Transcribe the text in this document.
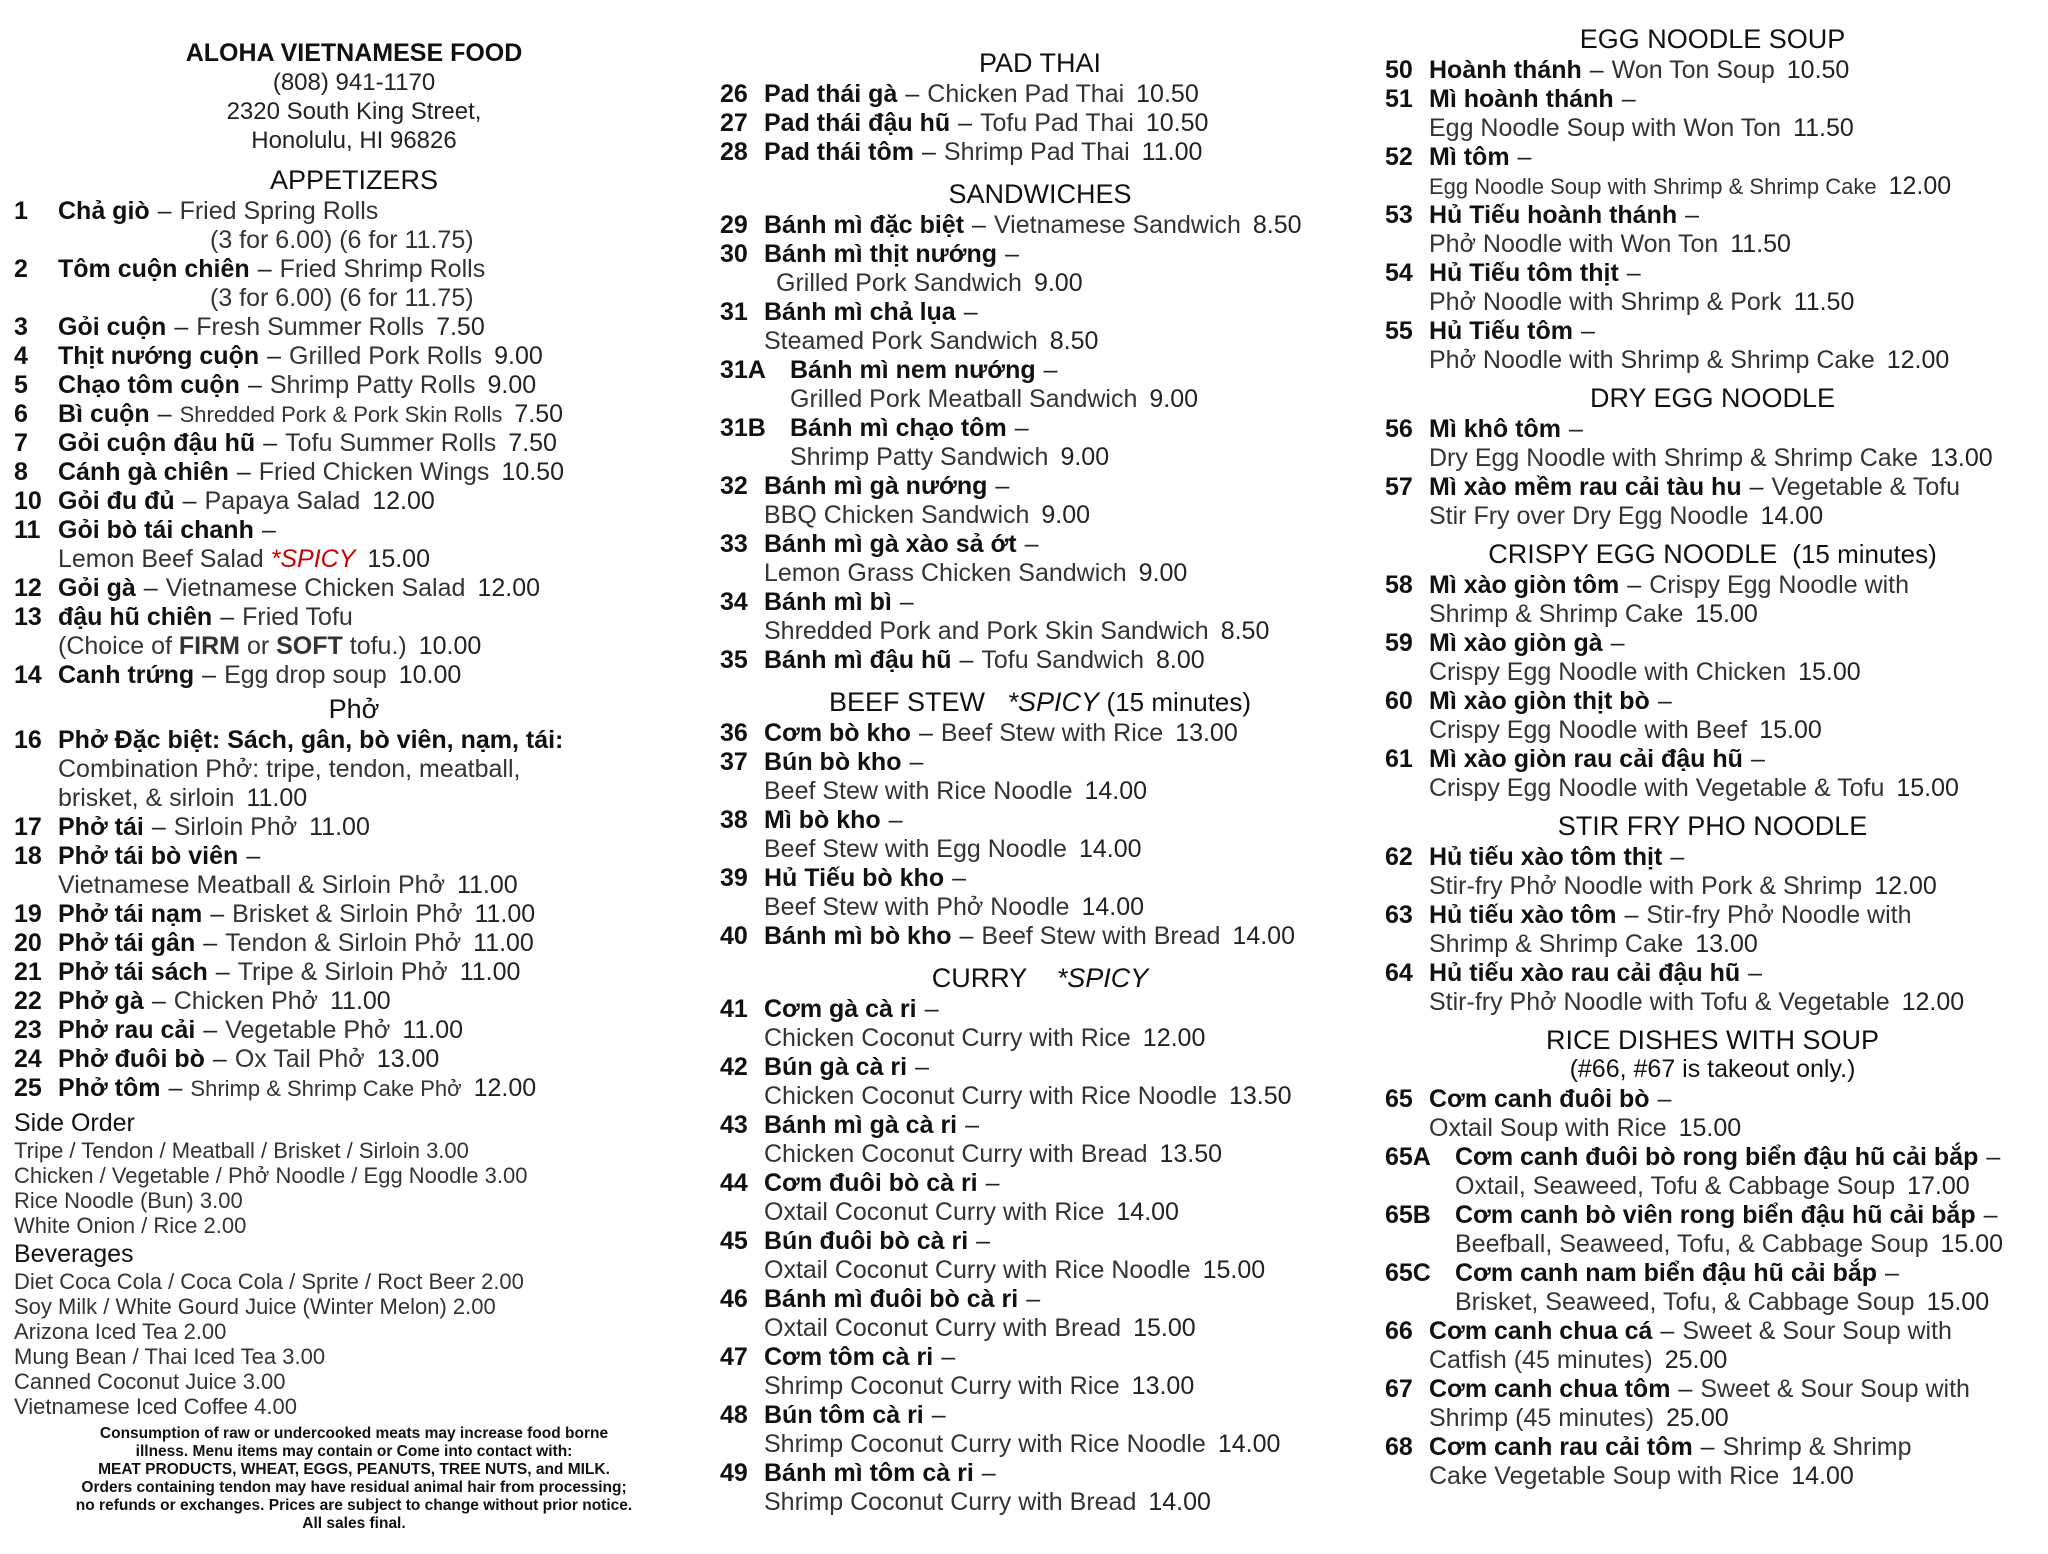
ALOHA VIETNAMESE FOOD
(808) 941-1170
2320 South King Street,
Honolulu, HI 96826
APPETIZERS
1 Chả giò – Fried Spring Rolls
(3 for 6.00) (6 for 11.75)
2 Tôm cuộn chiên – Fried Shrimp Rolls
(3 for 6.00) (6 for 11.75)
3 Gỏi cuộn – Fresh Summer Rolls 7.50
4 Thịt nướng cuộn – Grilled Pork Rolls 9.00
5 Chạo tôm cuộn – Shrimp Patty Rolls 9.00
6 Bì cuộn – Shredded Pork & Pork Skin Rolls 7.50
7 Gỏi cuộn đậu hũ – Tofu Summer Rolls 7.50
8 Cánh gà chiên – Fried Chicken Wings 10.50
10 Gỏi đu đủ – Papaya Salad 12.00
11 Gỏi bò tái chanh –
Lemon Beef Salad *SPICY 15.00
12 Gỏi gà – Vietnamese Chicken Salad 12.00
13 đậu hũ chiên – Fried Tofu
(Choice of FIRM or SOFT tofu.) 10.00
14 Canh trứng – Egg drop soup 10.00
Phở
16 Phở Đặc biệt: Sách, gân, bò viên, nạm, tái:
Combination Phở: tripe, tendon, meatball,
brisket, & sirloin 11.00
17 Phở tái – Sirloin Phở 11.00
18 Phở tái bò viên –
Vietnamese Meatball & Sirloin Phở 11.00
19 Phở tái nạm – Brisket & Sirloin Phở 11.00
20 Phở tái gân – Tendon & Sirloin Phở 11.00
21 Phở tái sách – Tripe & Sirloin Phở 11.00
22 Phở gà – Chicken Phở 11.00
23 Phở rau cải – Vegetable Phở 11.00
24 Phở đuôi bò – Ox Tail Phở 13.00
25 Phở tôm – Shrimp & Shrimp Cake Phở 12.00
Side Order
Tripe / Tendon / Meatball / Brisket / Sirloin 3.00
Chicken / Vegetable / Phở Noodle / Egg Noodle 3.00
Rice Noodle (Bun) 3.00
White Onion / Rice 2.00
Beverages
Diet Coca Cola / Coca Cola / Sprite / Roct Beer 2.00
Soy Milk / White Gourd Juice (Winter Melon) 2.00
Arizona Iced Tea 2.00
Mung Bean / Thai Iced Tea 3.00
Canned Coconut Juice 3.00
Vietnamese Iced Coffee 4.00
Consumption of raw or undercooked meats may increase food borne
illness. Menu items may contain or Come into contact with:
MEAT PRODUCTS, WHEAT, EGGS, PEANUTS, TREE NUTS, and MILK.
Orders containing tendon may have residual animal hair from processing;
no refunds or exchanges. Prices are subject to change without prior notice.
All sales final.
PAD THAI
26 Pad thái gà – Chicken Pad Thai 10.50
27 Pad thái đậu hũ – Tofu Pad Thai 10.50
28 Pad thái tôm – Shrimp Pad Thai 11.00
SANDWICHES
29 Bánh mì đặc biệt – Vietnamese Sandwich 8.50
30 Bánh mì thịt nướng –
Grilled Pork Sandwich 9.00
31 Bánh mì chả lụa –
Steamed Pork Sandwich 8.50
31A Bánh mì nem nướng –
Grilled Pork Meatball Sandwich 9.00
31B Bánh mì chạo tôm –
Shrimp Patty Sandwich 9.00
32 Bánh mì gà nướng –
BBQ Chicken Sandwich 9.00
33 Bánh mì gà xào sả ớt –
Lemon Grass Chicken Sandwich 9.00
34 Bánh mì bì –
Shredded Pork and Pork Skin Sandwich 8.50
35 Bánh mì đậu hũ – Tofu Sandwich 8.00
BEEF STEW *SPICY (15 minutes)
36 Cơm bò kho – Beef Stew with Rice 13.00
37 Bún bò kho –
Beef Stew with Rice Noodle 14.00
38 Mì bò kho –
Beef Stew with Egg Noodle 14.00
39 Hủ Tiếu bò kho –
Beef Stew with Phở Noodle 14.00
40 Bánh mì bò kho – Beef Stew with Bread 14.00
CURRY *SPICY
41 Cơm gà cà ri –
Chicken Coconut Curry with Rice 12.00
42 Bún gà cà ri –
Chicken Coconut Curry with Rice Noodle 13.50
43 Bánh mì gà cà ri –
Chicken Coconut Curry with Bread 13.50
44 Cơm đuôi bò cà ri –
Oxtail Coconut Curry with Rice 14.00
45 Bún đuôi bò cà ri –
Oxtail Coconut Curry with Rice Noodle 15.00
46 Bánh mì đuôi bò cà ri –
Oxtail Coconut Curry with Bread 15.00
47 Cơm tôm cà ri –
Shrimp Coconut Curry with Rice 13.00
48 Bún tôm cà ri –
Shrimp Coconut Curry with Rice Noodle 14.00
49 Bánh mì tôm cà ri –
Shrimp Coconut Curry with Bread 14.00
EGG NOODLE SOUP
50 Hoành thánh – Won Ton Soup 10.50
51 Mì hoành thánh –
Egg Noodle Soup with Won Ton 11.50
52 Mì tôm –
Egg Noodle Soup with Shrimp & Shrimp Cake 12.00
53 Hủ Tiếu hoành thánh –
Phở Noodle with Won Ton 11.50
54 Hủ Tiếu tôm thịt –
Phở Noodle with Shrimp & Pork 11.50
55 Hủ Tiếu tôm –
Phở Noodle with Shrimp & Shrimp Cake 12.00
DRY EGG NOODLE
56 Mì khô tôm –
Dry Egg Noodle with Shrimp & Shrimp Cake 13.00
57 Mì xào mềm rau cải tàu hu – Vegetable & Tofu
Stir Fry over Dry Egg Noodle 14.00
CRISPY EGG NOODLE (15 minutes)
58 Mì xào giòn tôm – Crispy Egg Noodle with
Shrimp & Shrimp Cake 15.00
59 Mì xào giòn gà –
Crispy Egg Noodle with Chicken 15.00
60 Mì xào giòn thịt bò –
Crispy Egg Noodle with Beef 15.00
61 Mì xào giòn rau cải đậu hũ –
Crispy Egg Noodle with Vegetable & Tofu 15.00
STIR FRY PHO NOODLE
62 Hủ tiếu xào tôm thịt –
Stir-fry Phở Noodle with Pork & Shrimp 12.00
63 Hủ tiếu xào tôm – Stir-fry Phở Noodle with
Shrimp & Shrimp Cake 13.00
64 Hủ tiếu xào rau cải đậu hũ –
Stir-fry Phở Noodle with Tofu & Vegetable 12.00
RICE DISHES WITH SOUP
(#66, #67 is takeout only.)
65 Cơm canh đuôi bò –
Oxtail Soup with Rice 15.00
65A Cơm canh đuôi bò rong biển đậu hũ cải bắp –
Oxtail, Seaweed, Tofu & Cabbage Soup 17.00
65B Cơm canh bò viên rong biển đậu hũ cải bắp –
Beefball, Seaweed, Tofu, & Cabbage Soup 15.00
65C Cơm canh nam biển đậu hũ cải bắp –
Brisket, Seaweed, Tofu, & Cabbage Soup 15.00
66 Cơm canh chua cá – Sweet & Sour Soup with
Catfish (45 minutes) 25.00
67 Cơm canh chua tôm – Sweet & Sour Soup with
Shrimp (45 minutes) 25.00
68 Cơm canh rau cải tôm – Shrimp & Shrimp
Cake Vegetable Soup with Rice 14.00
